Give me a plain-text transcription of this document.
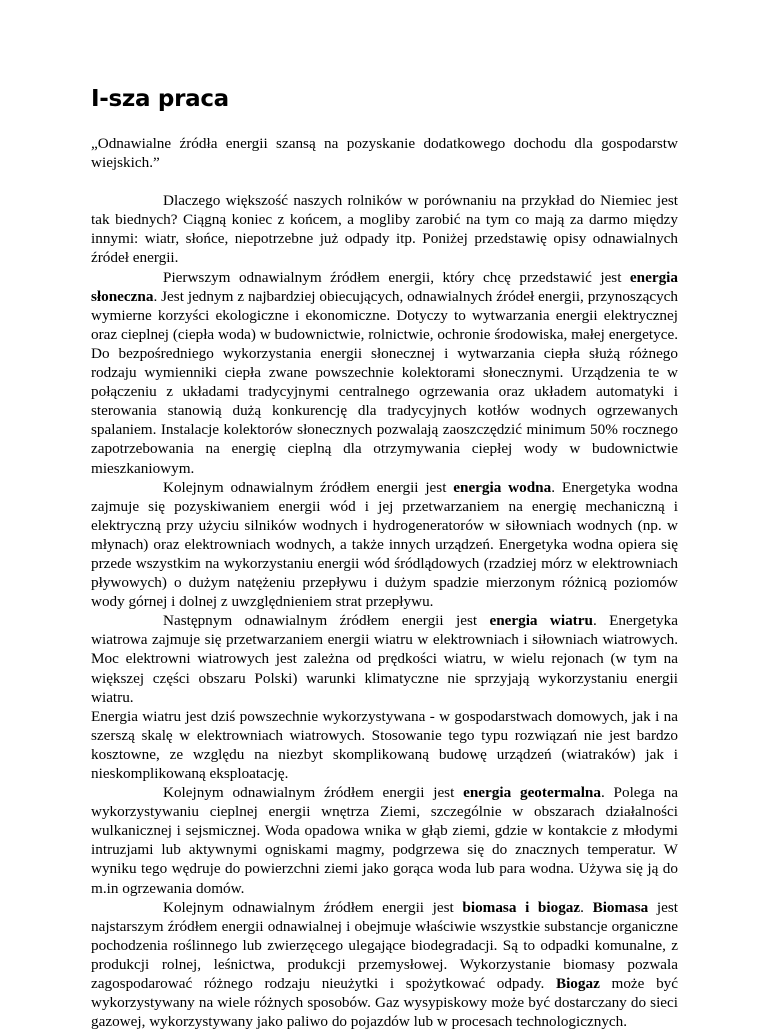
I-sza praca

„Odnawialne źródła energii szansą na pozyskanie dodatkowego dochodu dla gospodarstw wiejskich.”

Dlaczego większość naszych rolników w porównaniu na przykład do Niemiec jest tak biednych? Ciągną koniec z końcem, a mogliby zarobić na tym co mają za darmo między innymi: wiatr, słońce, niepotrzebne już odpady itp. Poniżej przedstawię opisy odnawialnych źródeł energii.

Pierwszym odnawialnym źródłem energii, który chcę przedstawić jest energia słoneczna. Jest jednym z najbardziej obiecujących, odnawialnych źródeł energii, przynoszących wymierne korzyści ekologiczne i ekonomiczne. Dotyczy to wytwarzania energii elektrycznej oraz cieplnej (ciepła woda) w budownictwie, rolnictwie, ochronie środowiska, małej energetyce. Do bezpośredniego wykorzystania energii słonecznej i wytwarzania ciepła służą różnego rodzaju wymienniki ciepła zwane powszechnie kolektorami słonecznymi. Urządzenia te w połączeniu z układami tradycyjnymi centralnego ogrzewania oraz układem automatyki i sterowania stanowią dużą konkurencję dla tradycyjnych kotłów wodnych ogrzewanych spalaniem. Instalacje kolektorów słonecznych pozwalają zaoszczędzić minimum 50% rocznego zapotrzebowania na energię cieplną dla otrzymywania ciepłej wody w budownictwie mieszkaniowym.

Kolejnym odnawialnym źródłem energii jest energia wodna. Energetyka wodna zajmuje się pozyskiwaniem energii wód i jej przetwarzaniem na energię mechaniczną i elektryczną przy użyciu silników wodnych i hydrogeneratorów w siłowniach wodnych (np. w młynach) oraz elektrowniach wodnych, a także innych urządzeń. Energetyka wodna opiera się przede wszystkim na wykorzystaniu energii wód śródlądowych (rzadziej mórz w elektrowniach pływowych) o dużym natężeniu przepływu i dużym spadzie mierzonym różnicą poziomów wody górnej i dolnej z uwzględnieniem strat przepływu.

Następnym odnawialnym źródłem energii jest energia wiatru. Energetyka wiatrowa zajmuje się przetwarzaniem energii wiatru w elektrowniach i siłowniach wiatrowych. Moc elektrowni wiatrowych jest zależna od prędkości wiatru, w wielu rejonach (w tym na większej części obszaru Polski) warunki klimatyczne nie sprzyjają wykorzystaniu energii wiatru.

Energia wiatru jest dziś powszechnie wykorzystywana - w gospodarstwach domowych, jak i na szerszą skalę w elektrowniach wiatrowych. Stosowanie tego typu rozwiązań nie jest bardzo kosztowne, ze względu na niezbyt skomplikowaną budowę urządzeń (wiatraków) jak i nieskomplikowaną eksploatację.

Kolejnym odnawialnym źródłem energii jest energia geotermalna. Polega na wykorzystywaniu cieplnej energii wnętrza Ziemi, szczególnie w obszarach działalności wulkanicznej i sejsmicznej. Woda opadowa wnika w głąb ziemi, gdzie w kontakcie z młodymi intruzjami lub aktywnymi ogniskami magmy, podgrzewa się do znacznych temperatur. W wyniku tego wędruje do powierzchni ziemi jako gorąca woda lub para wodna. Używa się ją do m.in ogrzewania domów.

Kolejnym odnawialnym źródłem energii jest biomasa i biogaz. Biomasa jest najstarszym źródłem energii odnawialnej i obejmuje właściwie wszystkie substancje organiczne pochodzenia roślinnego lub zwierzęcego ulegające biodegradacji. Są to odpadki komunalne, z produkcji rolnej, leśnictwa, produkcji przemysłowej. Wykorzystanie biomasy pozwala zagospodarować różnego rodzaju nieużytki i spożytkować odpady. Biogaz może być wykorzystywany na wiele różnych sposobów. Gaz wysypiskowy może być dostarczany do sieci gazowej, wykorzystywany jako paliwo do pojazdów lub w procesach technologicznych.
